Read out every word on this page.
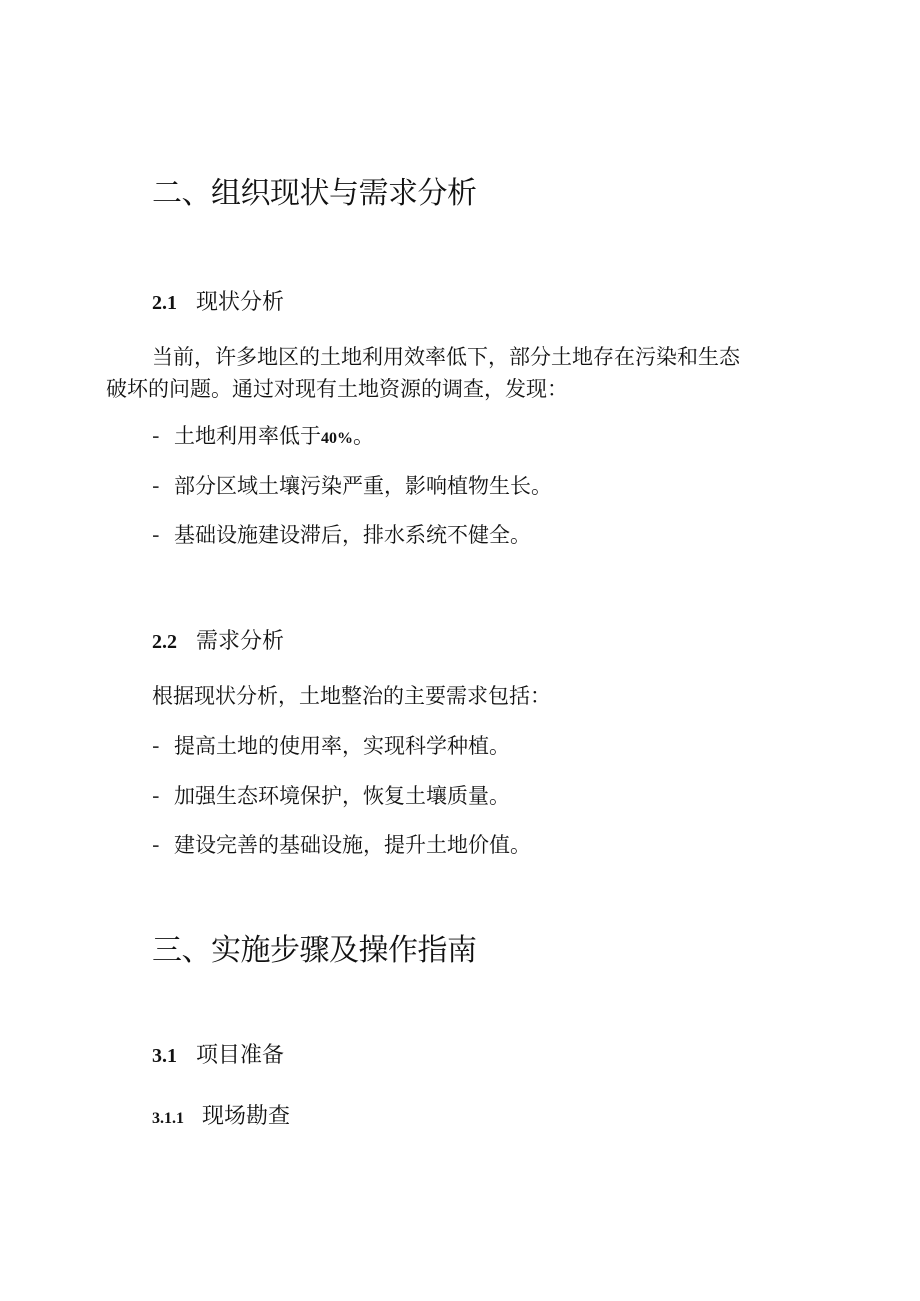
二、组织现状与需求分析
2.1 现状分析
当前，许多地区的土地利用效率低下，部分土地存在污染和生态
破坏的问题。通过对现有土地资源的调查，发现：
- 土地利用率低于40%。
- 部分区域土壤污染严重，影响植物生长。
- 基础设施建设滞后，排水系统不健全。
2.2 需求分析
根据现状分析，土地整治的主要需求包括：
- 提高土地的使用率，实现科学种植。
- 加强生态环境保护，恢复土壤质量。
- 建设完善的基础设施，提升土地价值。
三、实施步骤及操作指南
3.1 项目准备
3.1.1 现场勘查
